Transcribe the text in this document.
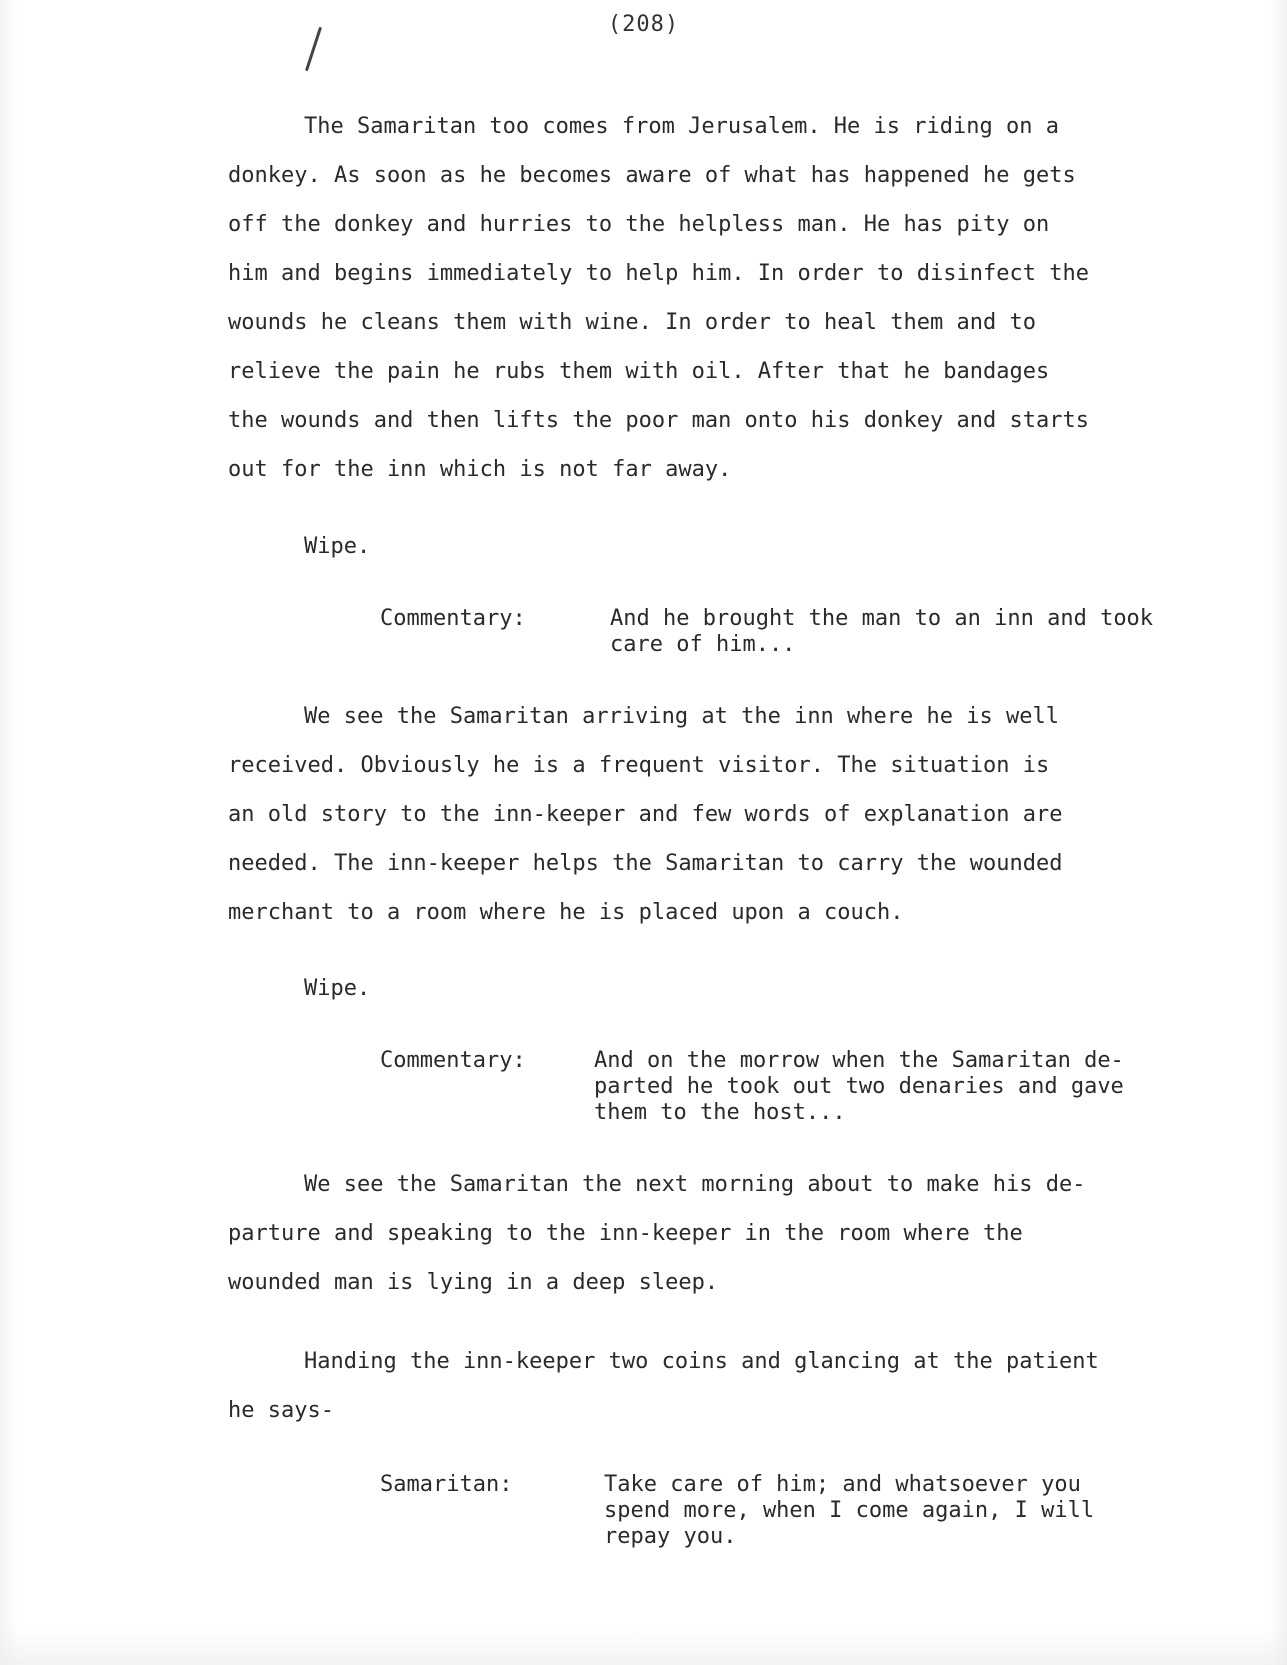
(208)

The Samaritan too comes from Jerusalem. He is riding on a
donkey. As soon as he becomes aware of what has happened he gets
off the donkey and hurries to the helpless man. He has pity on
him and begins immediately to help him. In order to disinfect the
wounds he cleans them with wine. In order to heal them and to
relieve the pain he rubs them with oil. After that he bandages
the wounds and then lifts the poor man onto his donkey and starts
out for the inn which is not far away.

Wipe.

Commentary:	And he brought the man to an inn and took
care of him...

We see the Samaritan arriving at the inn where he is well
received. Obviously he is a frequent visitor. The situation is
an old story to the inn-keeper and few words of explanation are
needed. The inn-keeper helps the Samaritan to carry the wounded
merchant to a room where he is placed upon a couch.

Wipe.

Commentary:	And on the morrow when the Samaritan de-
parted he took out two denaries and gave
them to the host...

We see the Samaritan the next morning about to make his de-
parture and speaking to the inn-keeper in the room where the
wounded man is lying in a deep sleep.

Handing the inn-keeper two coins and glancing at the patient
he says-

Samaritan:	Take care of him; and whatsoever you
spend more, when I come again, I will
repay you.
